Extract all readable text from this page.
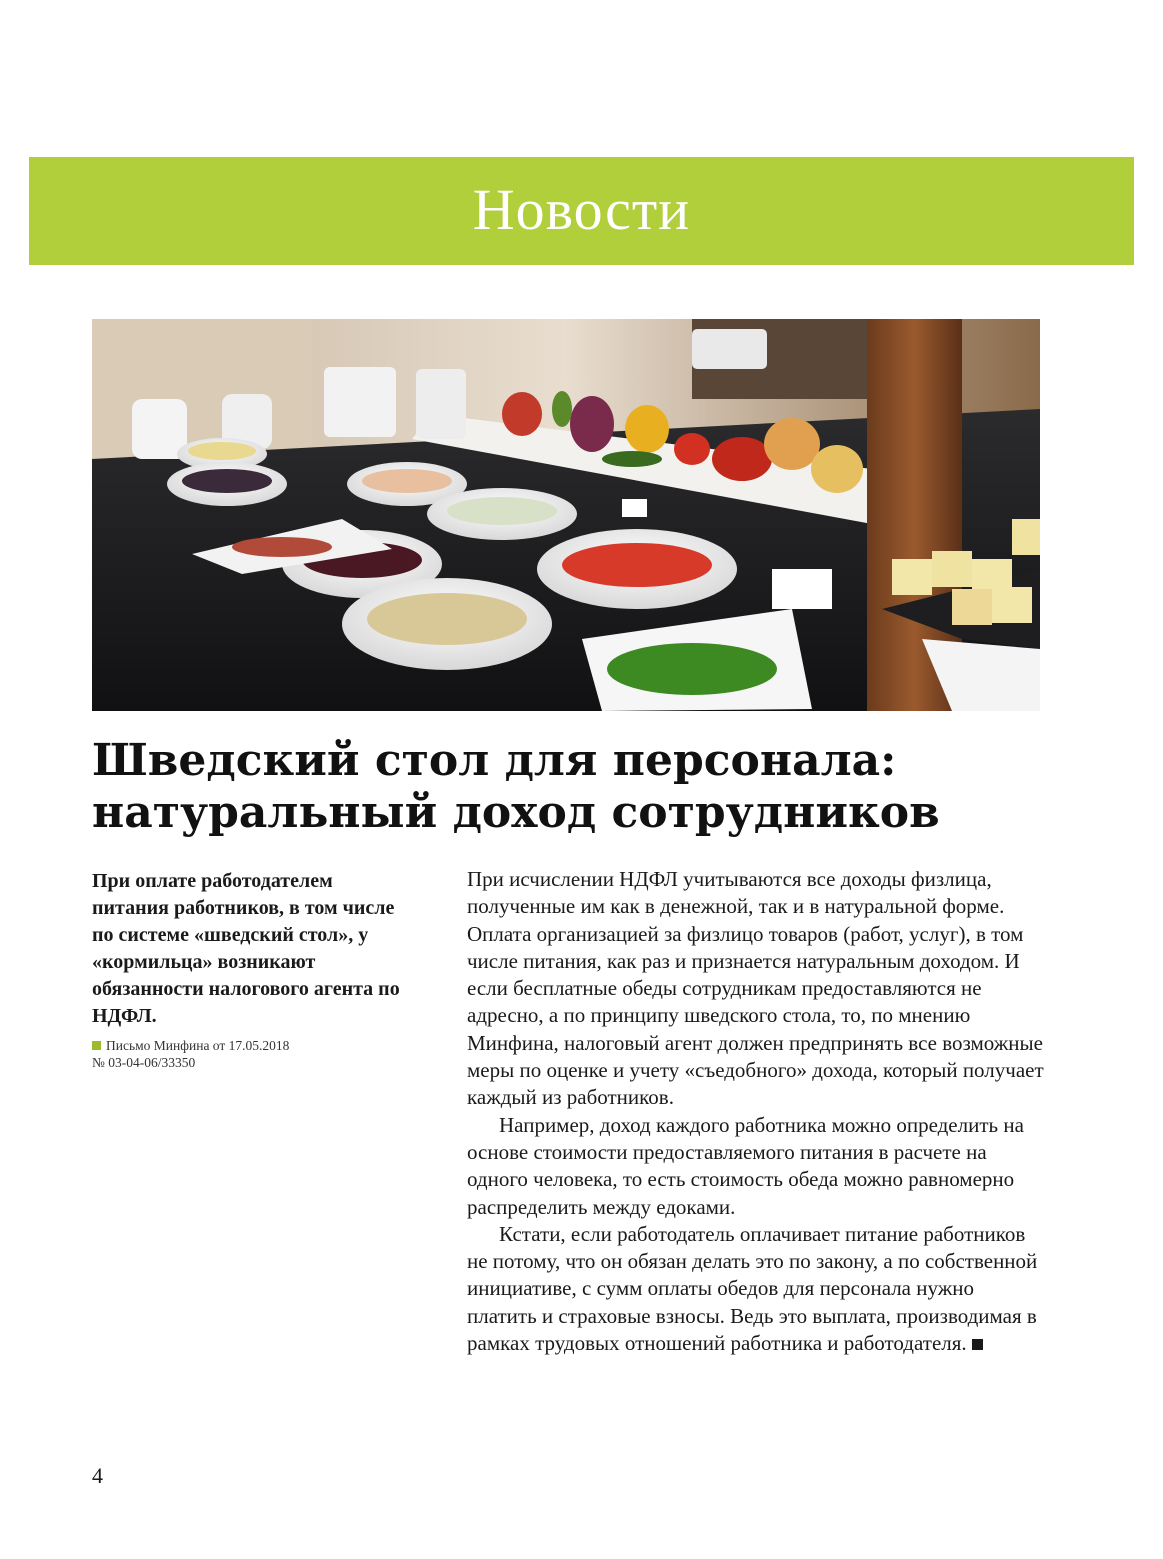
Новости
Шведский стол для персонала:
натуральный доход сотрудников

При оплате работодателем питания работников, в том числе по системе «шведский стол», у «кормильца» возникают обязанности налогового агента по НДФЛ.

Письмо Минфина от 17.05.2018
№ 03-04-06/33350

При исчислении НДФЛ учитываются все доходы физлица, полученные им как в денежной, так и в натуральной форме. Оплата организацией за физлицо товаров (работ, услуг), в том числе питания, как раз и признается натуральным доходом. И если бесплатные обеды сотрудникам предоставляются не адресно, а по принципу шведского стола, то, по мнению Минфина, налоговый агент должен предпринять все возможные меры по оценке и учету «съедобного» дохода, который получает каждый из работников.

Например, доход каждого работника можно определить на основе стоимости предоставляемого питания в расчете на одного человека, то есть стоимость обеда можно равномерно распределить между едоками.

Кстати, если работодатель оплачивает питание работников не потому, что он обязан делать это по закону, а по собственной инициативе, с сумм оплаты обедов для персонала нужно платить и страховые взносы. Ведь это выплата, производимая в рамках трудовых отношений работника и работодателя.

4
